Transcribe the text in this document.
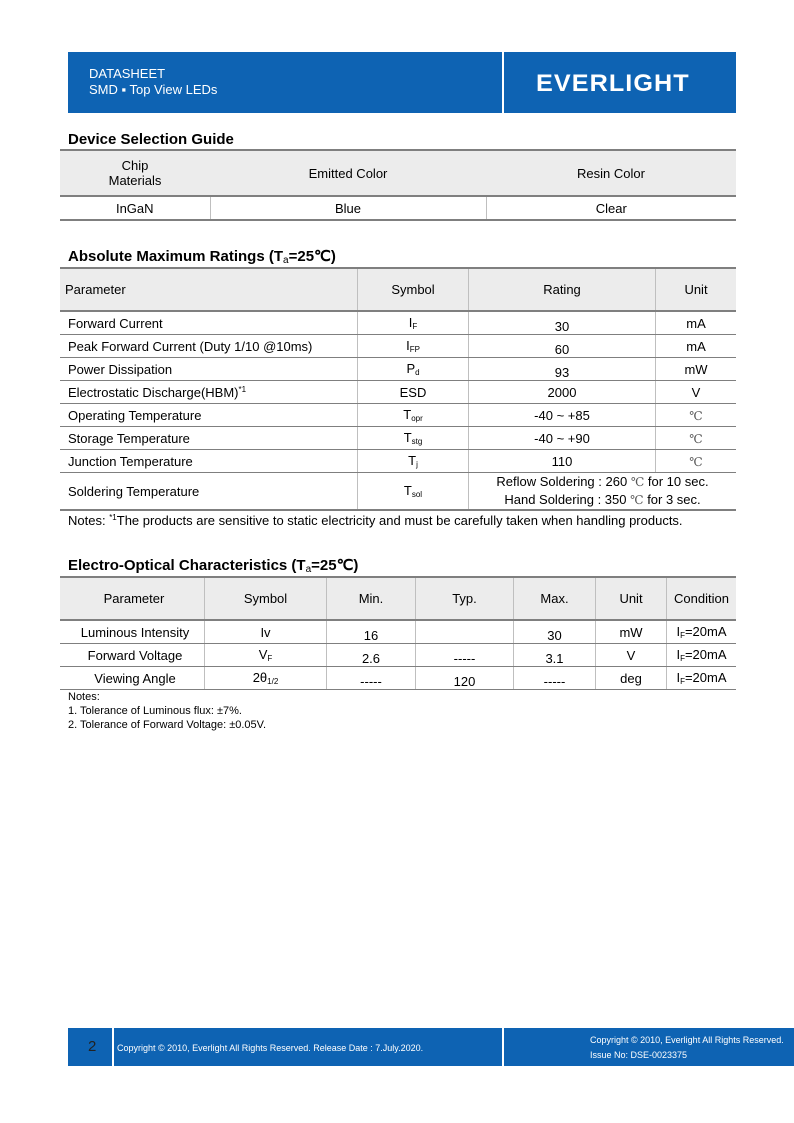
DATASHEET
SMD ▪ Top View LEDs	EVERLIGHT
Device Selection Guide
Chip
Materials	Emitted Color	Resin Color
InGaN	Blue	Clear
Absolute Maximum Ratings $(T_a=25℃)$
Parameter	Symbol	Rating	Unit
Forward Current	$I_F$	30	mA
Peak Forward Current (Duty 1/10 @10ms)	$I_{FP}$	60	mA
Power Dissipation	$P_d$	93	mW
Electrostatic Discharge(HBM)$^{*1}$	ESD	2000	V
Operating Temperature	$T_{opr}$	-40 ~ +85	℃
Storage Temperature	$T_{stg}$	-40 ~ +90	℃
Junction Temperature	$T_j$	110	℃
Soldering Temperature	$T_{sol}$	Reflow Soldering : 260 ℃ for 10 sec.
Hand Soldering : 350 ℃ for 3 sec.	
Notes: $^{*1}$The products are sensitive to static electricity and must be carefully taken when handling products.
Electro-Optical Characteristics $(T_a=25℃)$
Parameter	Symbol	Min.	Typ.	Max.	Unit	Condition
Luminous Intensity	Iv	16		30	mW	$I_F=20mA$
Forward Voltage	$V_F$	2.6	-----	3.1	V	$I_F=20mA$
Viewing Angle	$2\theta_{1/2}$	-----	120	-----	deg	$I_F=20mA$
Notes:
1. Tolerance of Luminous flux: ±7%.
2. Tolerance of Forward Voltage: ±0.05V.
2 Copyright © 2010, Everlight All Rights Reserved. Release Date : 7.July.2020.
Copyright © 2010, Everlight All Rights Reserved.
Issue No: DSE-0023375
